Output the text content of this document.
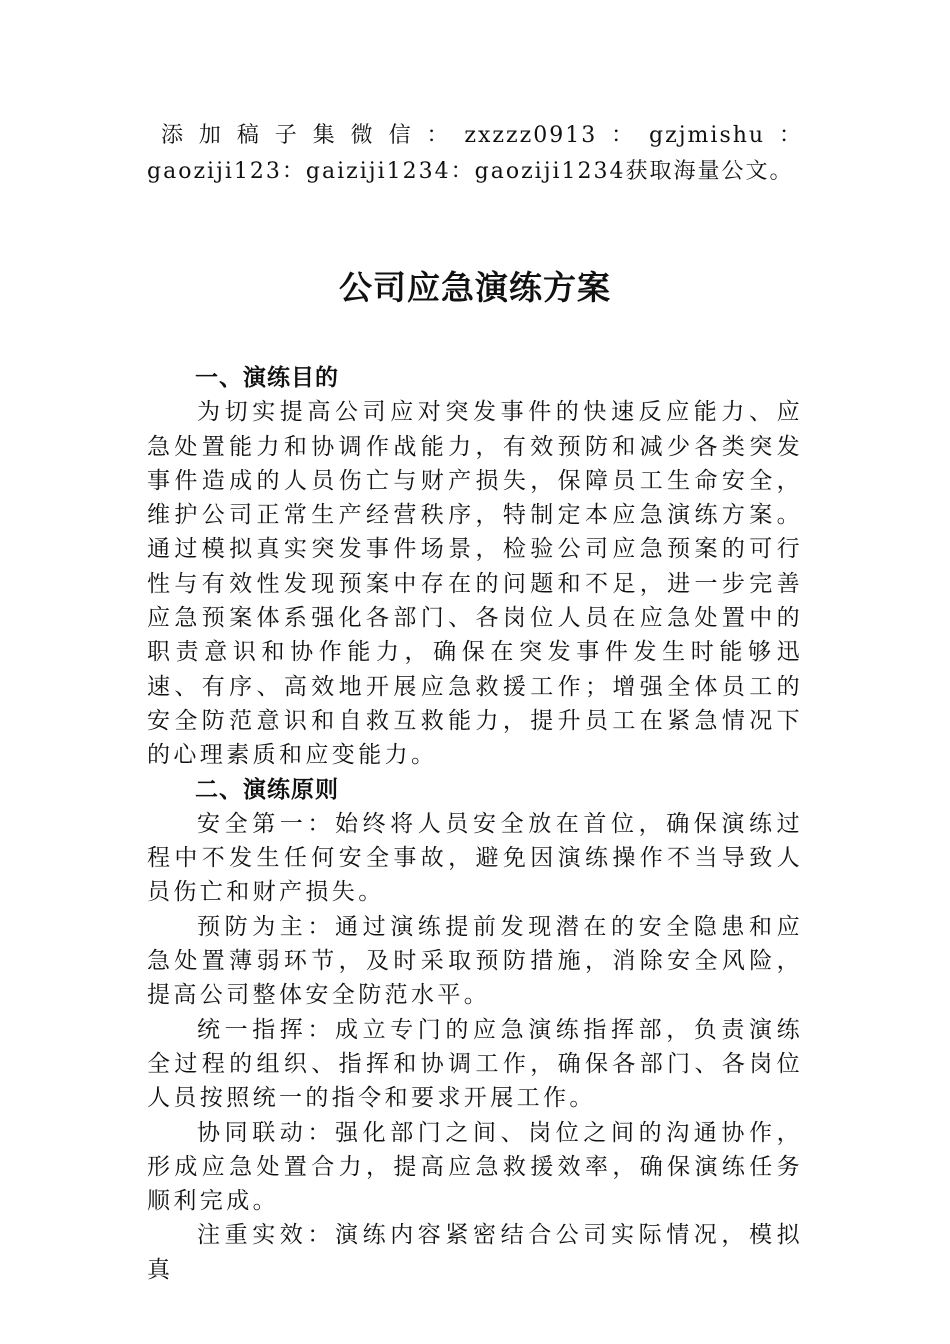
添加稿子集微信：zxzzz0913：gzjmishu：gaoziji123：gaiziji1234：gaoziji1234获取海量公文。
公司应急演练方案

一、演练目的

为切实提高公司应对突发事件的快速反应能力、应急处置能力和协调作战能力，有效预防和减少各类突发事件造成的人员伤亡与财产损失，保障员工生命安全，维护公司正常生产经营秩序，特制定本应急演练方案。通过模拟真实突发事件场景，检验公司应急预案的可行性与有效性发现预案中存在的问题和不足，进一步完善应急预案体系强化各部门、各岗位人员在应急处置中的职责意识和协作能力，确保在突发事件发生时能够迅速、有序、高效地开展应急救援工作；增强全体员工的安全防范意识和自救互救能力，提升员工在紧急情况下的心理素质和应变能力。

二、演练原则

安全第一：始终将人员安全放在首位，确保演练过程中不发生任何安全事故，避免因演练操作不当导致人员伤亡和财产损失。

预防为主：通过演练提前发现潜在的安全隐患和应急处置薄弱环节，及时采取预防措施，消除安全风险，提高公司整体安全防范水平。

统一指挥：成立专门的应急演练指挥部，负责演练全过程的组织、指挥和协调工作，确保各部门、各岗位人员按照统一的指令和要求开展工作。

协同联动：强化部门之间、岗位之间的沟通协作，形成应急处置合力，提高应急救援效率，确保演练任务顺利完成。

注重实效：演练内容紧密结合公司实际情况，模拟真
